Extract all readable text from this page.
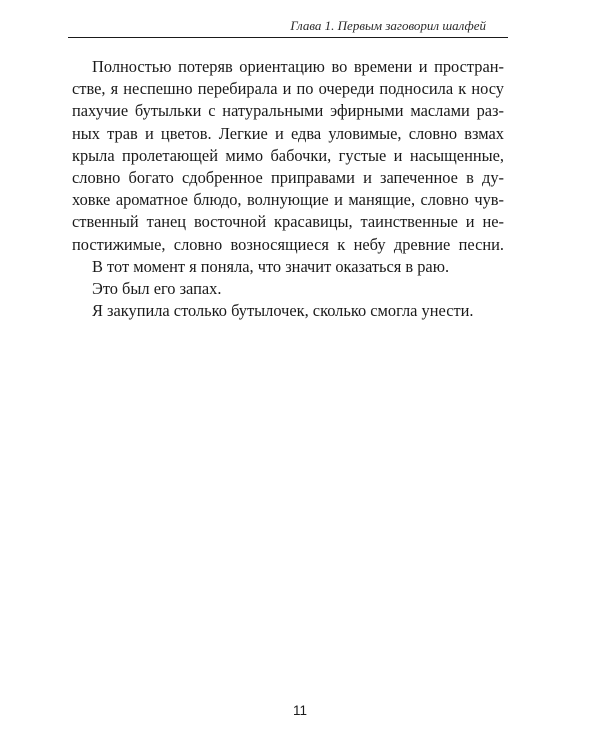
Глава 1. Первым заговорил шалфей

Полностью потеряв ориентацию во времени и простран-
стве, я неспешно перебирала и по очереди подносила к носу
пахучие бутыльки с натуральными эфирными маслами раз-
ных трав и цветов. Легкие и едва уловимые, словно взмах
крыла пролетающей мимо бабочки, густые и насыщенные,
словно богато сдобренное приправами и запеченное в ду-
ховке ароматное блюдо, волнующие и манящие, словно чув-
ственный танец восточной красавицы, таинственные и не-
постижимые, словно возносящиеся к небу древние песни.

В тот момент я поняла, что значит оказаться в раю.

Это был его запах.

Я закупила столько бутылочек, сколько смогла унести.

11
